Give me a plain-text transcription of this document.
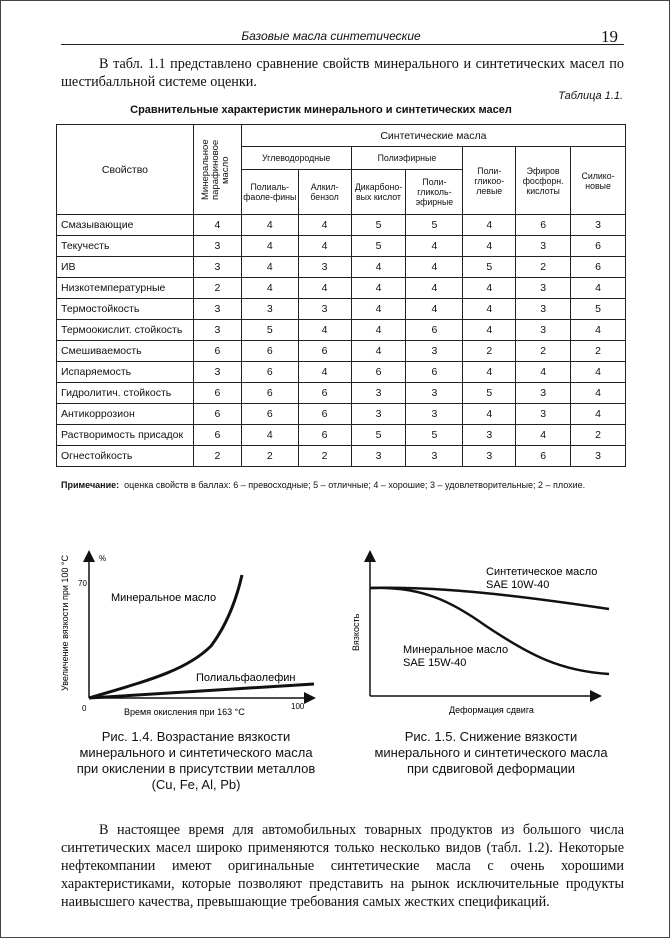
Базовые масла синтетические	19
В табл. 1.1 представлено сравнение свойств минерального и синтетических масел по шестибалльной системе оценки.
Таблица 1.1.
Сравнительные характеристик минерального и синтетических масел
Свойство	Минеральное парафиновое масло	Синтетические масла						
		Углеводородные		Полиэфирные		Поли-гликоо-левые	Эфиров фосфорн. кислоты	Силико-новые
		Полиаль-фаоле-фины	Алкил-бензол	Дикарбоно-вых кислот	Поли-гликоль-эфирные			
Смазывающие	4	4	4	5	5	4	6	3
Текучесть	3	4	4	5	4	4	3	6
ИВ	3	4	3	4	4	5	2	6
Низкотемпературные	2	4	4	4	4	4	3	4
Термостойкость	3	3	3	4	4	4	3	5
Термоокислит. стойкость	3	5	4	4	6	4	3	4
Смешиваемость	6	6	6	4	3	2	2	2
Испаряемость	3	6	4	6	6	4	4	4
Гидролитич. стойкость	6	6	6	3	3	5	3	4
Антикоррозион	6	6	6	3	3	4	3	4
Растворимость присадок	6	4	6	5	5	3	4	2
Огнестойкость	2	2	2	3	3	3	6	3
Примечание: оценка свойств в баллах: 6 – превосходные; 5 – отличные; 4 – хорошие; 3 – удовлетворительные; 2 – плохие.
Увеличение вязкости при 100 °С	%
70
0	100
Время окисления при 163 °С
Минеральное масло
Полиальфаолефин
Вязкость
Деформация сдвига
Синтетическое масло
SAE 10W-40
Минеральное масло
SAE 15W-40
Рис. 1.4. Возрастание вязкости
минерального и синтетического масла
при окислении в присутствии металлов
(Cu, Fe, Al, Pb)
Рис. 1.5. Снижение вязкости
минерального и синтетического масла
при сдвиговой деформации
В настоящее время для автомобильных товарных продуктов из большого числа синтетических масел широко применяются только несколько видов (табл. 1.2). Некоторые нефтекомпании имеют оригинальные синтетические масла с очень хорошими характеристиками, которые позволяют представить на рынок исключительные продукты наивысшего качества, превышающие требования самых жестких спецификаций.
